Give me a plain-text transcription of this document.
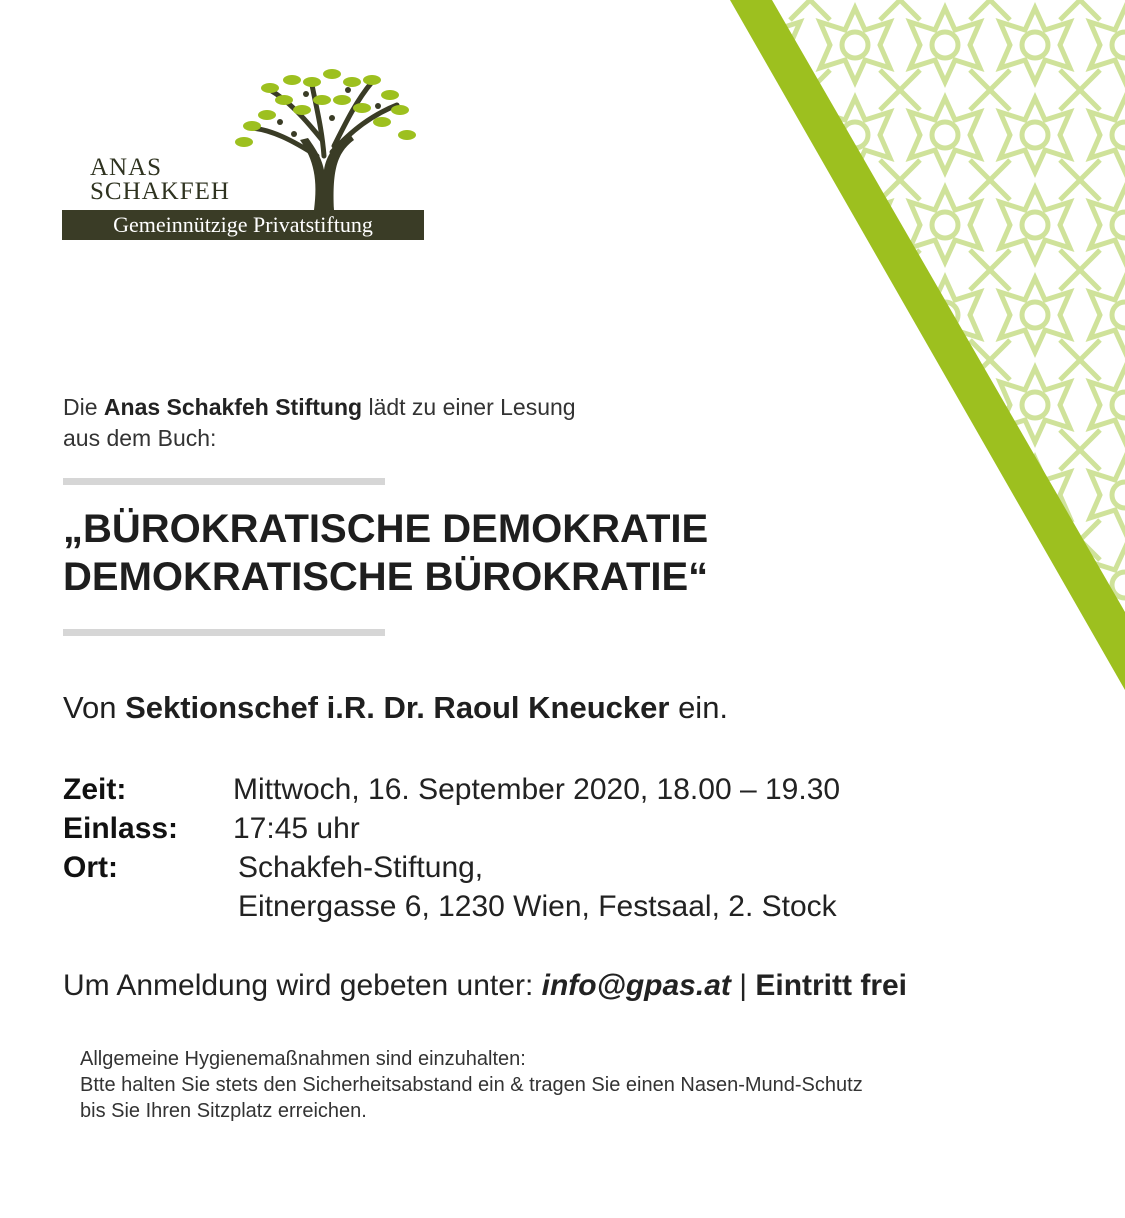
ANAS
SCHAKFEH
Gemeinnützige Privatstiftung
Die Anas Schakfeh Stiftung lädt zu einer Lesung
aus dem Buch:
„BÜROKRATISCHE DEMOKRATIE
DEMOKRATISCHE BÜROKRATIE“
Von Sektionschef i.R. Dr. Raoul Kneucker ein.
Zeit:	Mittwoch, 16. September 2020, 18.00 – 19.30
Einlass: 17:45 uhr
Ort:	Schakfeh-Stiftung,
Eitnergasse 6, 1230 Wien, Festsaal, 2. Stock
Um Anmeldung wird gebeten unter: info@gpas.at | Eintritt frei
Allgemeine Hygienemaßnahmen sind einzuhalten:
Btte halten Sie stets den Sicherheitsabstand ein & tragen Sie einen Nasen-Mund-Schutz
bis Sie Ihren Sitzplatz erreichen.
